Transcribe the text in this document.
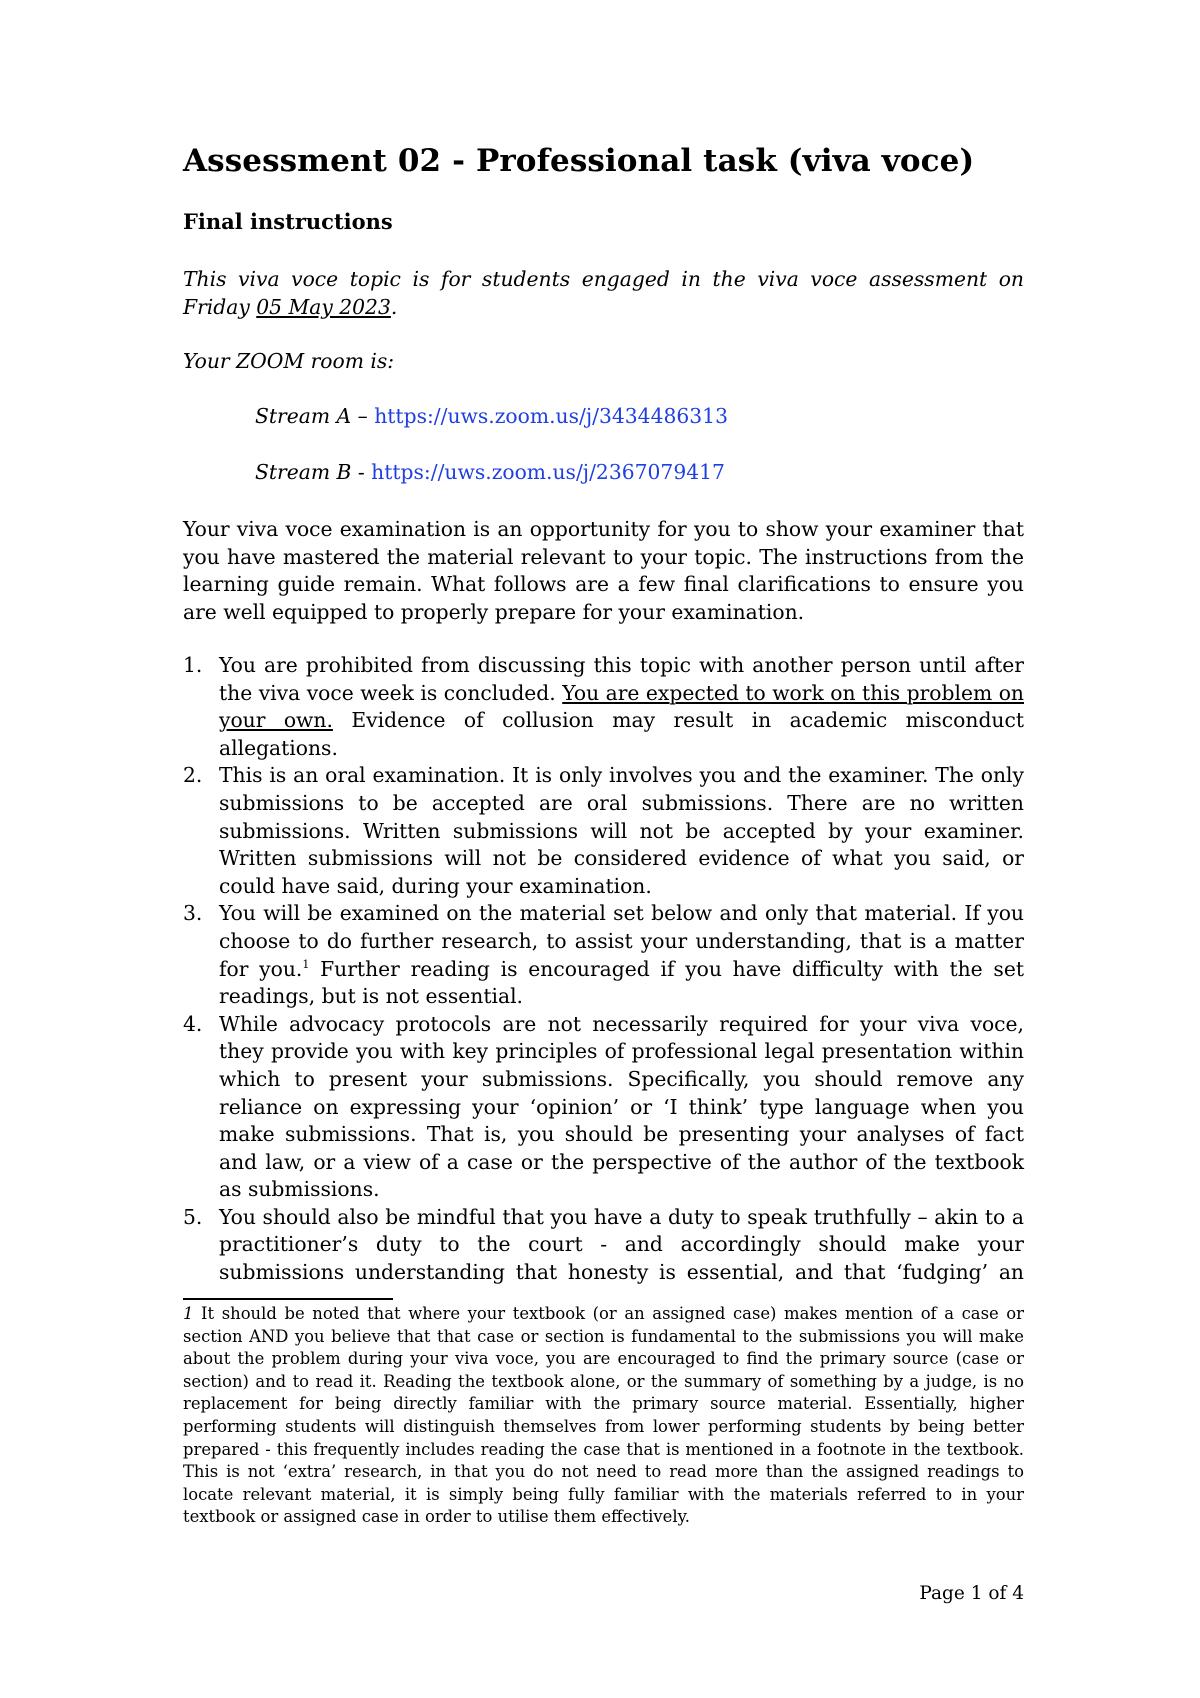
Assessment 02 - Professional task (viva voce)
Final instructions

This viva voce topic is for students engaged in the viva voce assessment on Friday 05 May 2023.

Your ZOOM room is:

Stream A – https://uws.zoom.us/j/3434486313

Stream B - https://uws.zoom.us/j/2367079417

Your viva voce examination is an opportunity for you to show your examiner that you have mastered the material relevant to your topic. The instructions from the learning guide remain. What follows are a few final clarifications to ensure you are well equipped to properly prepare for your examination.

1. You are prohibited from discussing this topic with another person until after the viva voce week is concluded. You are expected to work on this problem on your own. Evidence of collusion may result in academic misconduct allegations.
2. This is an oral examination. It is only involves you and the examiner. The only submissions to be accepted are oral submissions. There are no written submissions. Written submissions will not be accepted by your examiner. Written submissions will not be considered evidence of what you said, or could have said, during your examination.
3. You will be examined on the material set below and only that material. If you choose to do further research, to assist your understanding, that is a matter for you.$^1$ Further reading is encouraged if you have difficulty with the set readings, but is not essential.
4. While advocacy protocols are not necessarily required for your viva voce, they provide you with key principles of professional legal presentation within which to present your submissions. Specifically, you should remove any reliance on expressing your ‘opinion’ or ‘I think’ type language when you make submissions. That is, you should be presenting your analyses of fact and law, or a view of a case or the perspective of the author of the textbook as submissions.
5. You should also be mindful that you have a duty to speak truthfully – akin to a practitioner’s duty to the court - and accordingly should make your submissions understanding that honesty is essential, and that ‘fudging’ an

1 It should be noted that where your textbook (or an assigned case) makes mention of a case or section AND you believe that that case or section is fundamental to the submissions you will make about the problem during your viva voce, you are encouraged to find the primary source (case or section) and to read it. Reading the textbook alone, or the summary of something by a judge, is no replacement for being directly familiar with the primary source material. Essentially, higher performing students will distinguish themselves from lower performing students by being better prepared - this frequently includes reading the case that is mentioned in a footnote in the textbook. This is not ‘extra’ research, in that you do not need to read more than the assigned readings to locate relevant material, it is simply being fully familiar with the materials referred to in your textbook or assigned case in order to utilise them effectively.

Page 1 of 4
